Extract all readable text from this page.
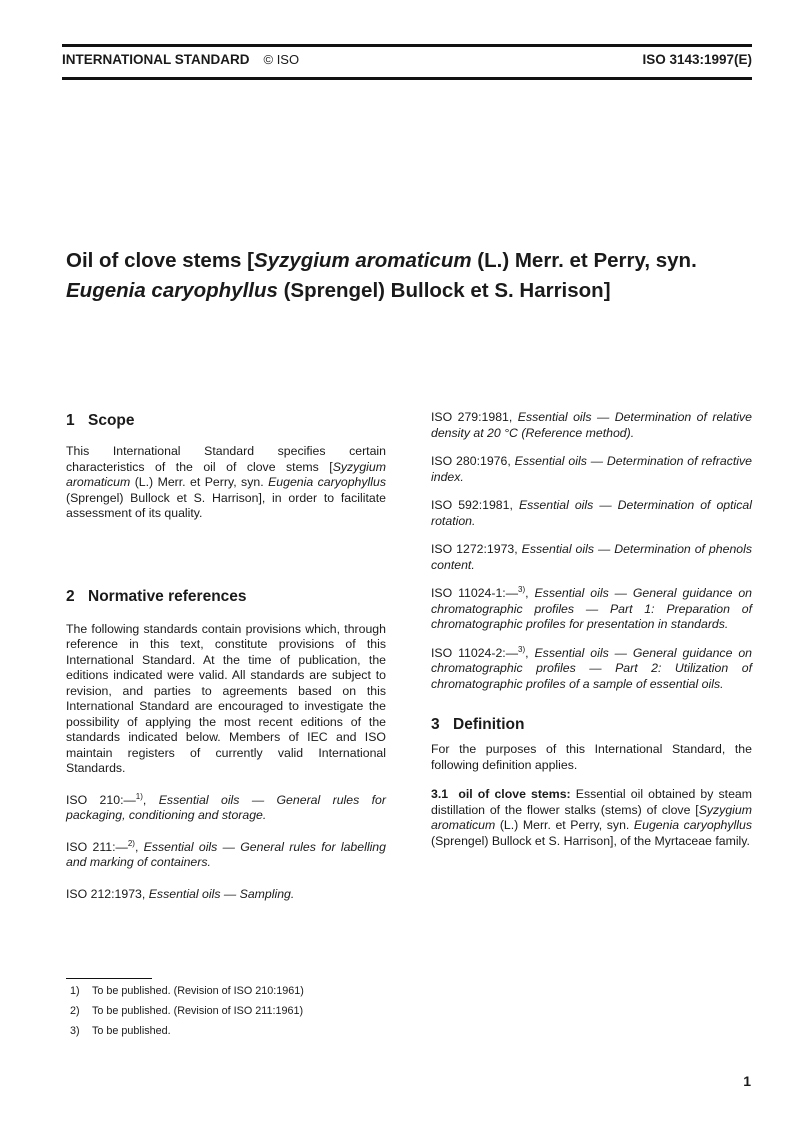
INTERNATIONAL STANDARD © ISO	ISO 3143:1997(E)
Oil of clove stems [Syzygium aromaticum (L.) Merr. et Perry, syn.
Eugenia caryophyllus (Sprengel) Bullock et S. Harrison]
1 Scope

This International Standard specifies certain characteristics of the oil of clove stems [Syzygium aromaticum (L.) Merr. et Perry, syn. Eugenia caryophyllus (Sprengel) Bullock et S. Harrison], in order to facilitate assessment of its quality.

2 Normative references

The following standards contain provisions which, through reference in this text, constitute provisions of this International Standard. At the time of publication, the editions indicated were valid. All standards are subject to revision, and parties to agreements based on this International Standard are encouraged to investigate the possibility of applying the most recent editions of the standards indicated below. Members of IEC and ISO maintain registers of currently valid International Standards.

ISO 210:—$^{1)}$, Essential oils — General rules for packaging, conditioning and storage.

ISO 211:—$^{2)}$, Essential oils — General rules for labelling and marking of containers.

ISO 212:1973, Essential oils — Sampling.

ISO 279:1981, Essential oils — Determination of relative density at 20 °C (Reference method).

ISO 280:1976, Essential oils — Determination of refractive index.

ISO 592:1981, Essential oils — Determination of optical rotation.

ISO 1272:1973, Essential oils — Determination of phenols content.

ISO 11024-1:—$^{3)}$, Essential oils — General guidance on chromatographic profiles — Part 1: Preparation of chromatographic profiles for presentation in standards.

ISO 11024-2:—$^{3)}$, Essential oils — General guidance on chromatographic profiles — Part 2: Utilization of chromatographic profiles of a sample of essential oils.

3 Definition

For the purposes of this International Standard, the following definition applies.

3.1 oil of clove stems: Essential oil obtained by steam distillation of the flower stalks (stems) of clove [Syzygium aromaticum (L.) Merr. et Perry, syn. Eugenia caryophyllus (Sprengel) Bullock et S. Harrison], of the Myrtaceae family.

1)	To be published. (Revision of ISO 210:1961)
2)	To be published. (Revision of ISO 211:1961)
3)	To be published.
1
